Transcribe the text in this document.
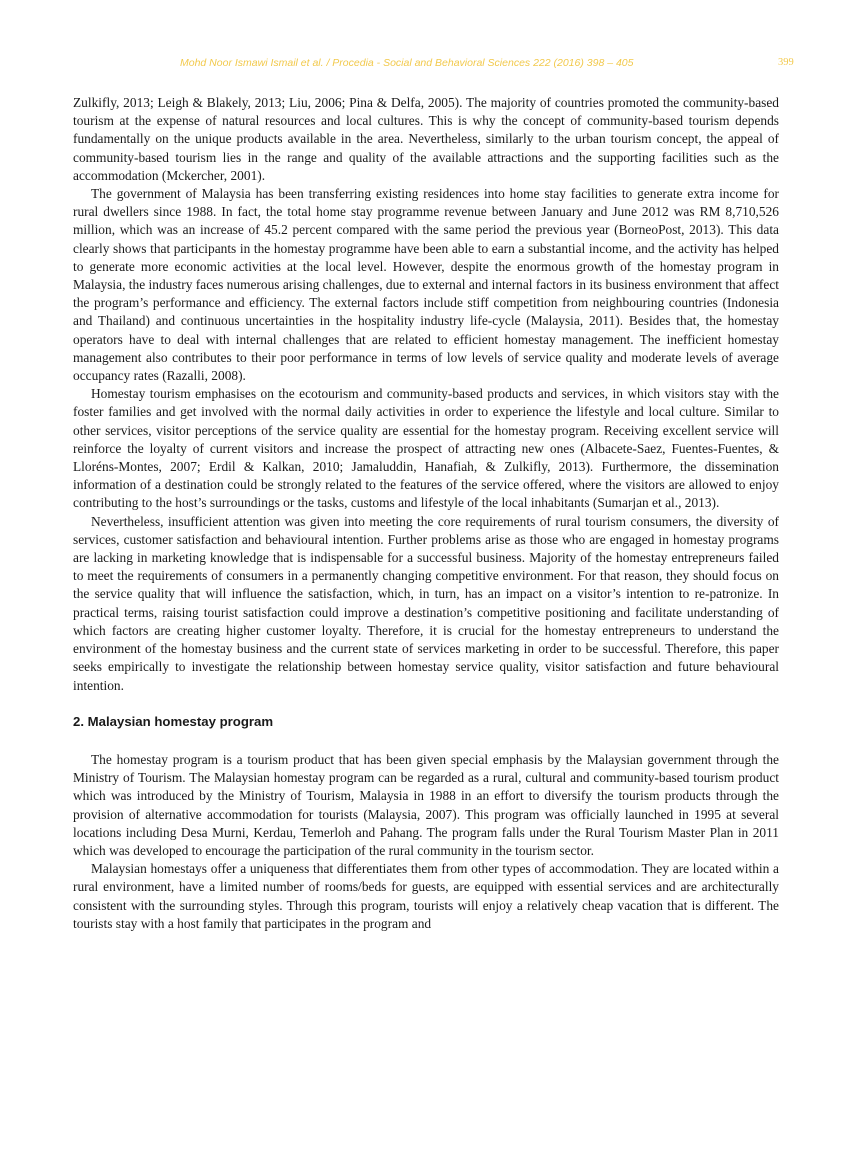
Mohd Noor Ismawi Ismail et al. / Procedia - Social and Behavioral Sciences 222 (2016) 398 – 405	399

Zulkifly, 2013; Leigh & Blakely, 2013; Liu, 2006; Pina & Delfa, 2005). The majority of countries promoted the community-based tourism at the expense of natural resources and local cultures. This is why the concept of community-based tourism depends fundamentally on the unique products available in the area. Nevertheless, similarly to the urban tourism concept, the appeal of community-based tourism lies in the range and quality of the available attractions and the supporting facilities such as the accommodation (Mckercher, 2001).

The government of Malaysia has been transferring existing residences into home stay facilities to generate extra income for rural dwellers since 1988. In fact, the total home stay programme revenue between January and June 2012 was RM 8,710,526 million, which was an increase of 45.2 percent compared with the same period the previous year (BorneoPost, 2013). This data clearly shows that participants in the homestay programme have been able to earn a substantial income, and the activity has helped to generate more economic activities at the local level. However, despite the enormous growth of the homestay program in Malaysia, the industry faces numerous arising challenges, due to external and internal factors in its business environment that affect the program’s performance and efficiency. The external factors include stiff competition from neighbouring countries (Indonesia and Thailand) and continuous uncertainties in the hospitality industry life-cycle (Malaysia, 2011). Besides that, the homestay operators have to deal with internal challenges that are related to efficient homestay management. The inefficient homestay management also contributes to their poor performance in terms of low levels of service quality and moderate levels of average occupancy rates (Razalli, 2008).

Homestay tourism emphasises on the ecotourism and community-based products and services, in which visitors stay with the foster families and get involved with the normal daily activities in order to experience the lifestyle and local culture. Similar to other services, visitor perceptions of the service quality are essential for the homestay program. Receiving excellent service will reinforce the loyalty of current visitors and increase the prospect of attracting new ones (Albacete-Saez, Fuentes-Fuentes, & Lloréns-Montes, 2007; Erdil & Kalkan, 2010; Jamaluddin, Hanafiah, & Zulkifly, 2013). Furthermore, the dissemination information of a destination could be strongly related to the features of the service offered, where the visitors are allowed to enjoy contributing to the host’s surroundings or the tasks, customs and lifestyle of the local inhabitants (Sumarjan et al., 2013).

Nevertheless, insufficient attention was given into meeting the core requirements of rural tourism consumers, the diversity of services, customer satisfaction and behavioural intention. Further problems arise as those who are engaged in homestay programs are lacking in marketing knowledge that is indispensable for a successful business. Majority of the homestay entrepreneurs failed to meet the requirements of consumers in a permanently changing competitive environment. For that reason, they should focus on the service quality that will influence the satisfaction, which, in turn, has an impact on a visitor’s intention to re-patronize. In practical terms, raising tourist satisfaction could improve a destination’s competitive positioning and facilitate understanding of which factors are creating higher customer loyalty. Therefore, it is crucial for the homestay entrepreneurs to understand the environment of the homestay business and the current state of services marketing in order to be successful. Therefore, this paper seeks empirically to investigate the relationship between homestay service quality, visitor satisfaction and future behavioural intention.

2. Malaysian homestay program

The homestay program is a tourism product that has been given special emphasis by the Malaysian government through the Ministry of Tourism. The Malaysian homestay program can be regarded as a rural, cultural and community-based tourism product which was introduced by the Ministry of Tourism, Malaysia in 1988 in an effort to diversify the tourism products through the provision of alternative accommodation for tourists (Malaysia, 2007). This program was officially launched in 1995 at several locations including Desa Murni, Kerdau, Temerloh and Pahang. The program falls under the Rural Tourism Master Plan in 2011 which was developed to encourage the participation of the rural community in the tourism sector.

Malaysian homestays offer a uniqueness that differentiates them from other types of accommodation. They are located within a rural environment, have a limited number of rooms/beds for guests, are equipped with essential services and are architecturally consistent with the surrounding styles. Through this program, tourists will enjoy a relatively cheap vacation that is different. The tourists stay with a host family that participates in the program and
